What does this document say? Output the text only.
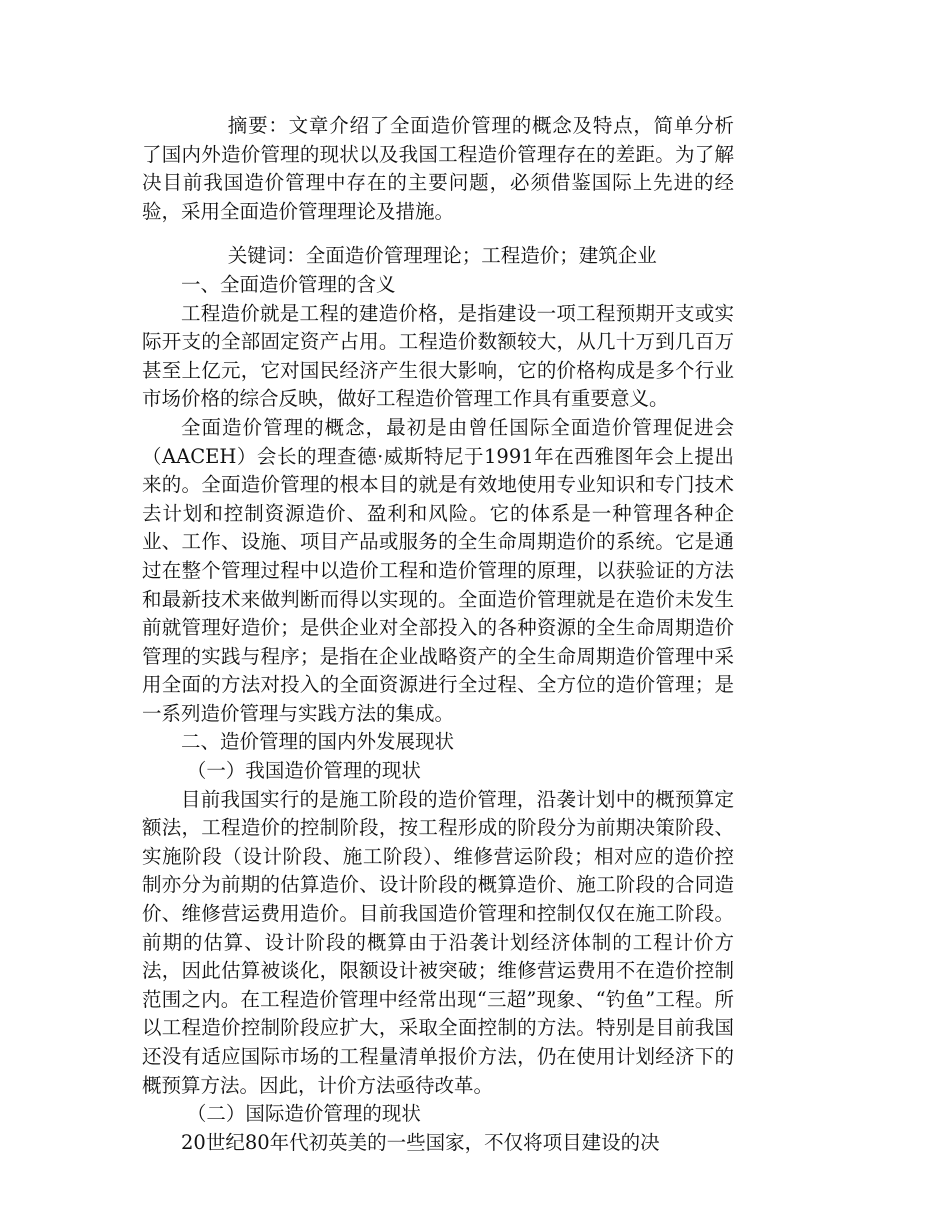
摘要：文章介绍了全面造价管理的概念及特点，简单分析了国内外造价管理的现状以及我国工程造价管理存在的差距。为了解决目前我国造价管理中存在的主要问题，必须借鉴国际上先进的经验，采用全面造价管理理论及措施。

关键词：全面造价管理理论；工程造价；建筑企业

一、全面造价管理的含义

工程造价就是工程的建造价格，是指建设一项工程预期开支或实际开支的全部固定资产占用。工程造价数额较大，从几十万到几百万甚至上亿元，它对国民经济产生很大影响，它的价格构成是多个行业市场价格的综合反映，做好工程造价管理工作具有重要意义。

全面造价管理的概念，最初是由曾任国际全面造价管理促进会（AACEH）会长的理查德·威斯特尼于1991年在西雅图年会上提出来的。全面造价管理的根本目的就是有效地使用专业知识和专门技术去计划和控制资源造价、盈利和风险。它的体系是一种管理各种企业、工作、设施、项目产品或服务的全生命周期造价的系统。它是通过在整个管理过程中以造价工程和造价管理的原理，以获验证的方法和最新技术来做判断而得以实现的。全面造价管理就是在造价未发生前就管理好造价；是供企业对全部投入的各种资源的全生命周期造价管理的实践与程序；是指在企业战略资产的全生命周期造价管理中采用全面的方法对投入的全面资源进行全过程、全方位的造价管理；是一系列造价管理与实践方法的集成。

二、造价管理的国内外发展现状

（一）我国造价管理的现状

目前我国实行的是施工阶段的造价管理，沿袭计划中的概预算定额法，工程造价的控制阶段，按工程形成的阶段分为前期决策阶段、实施阶段（设计阶段、施工阶段）、维修营运阶段；相对应的造价控制亦分为前期的估算造价、设计阶段的概算造价、施工阶段的合同造价、维修营运费用造价。目前我国造价管理和控制仅仅在施工阶段。前期的估算、设计阶段的概算由于沿袭计划经济体制的工程计价方法，因此估算被谈化，限额设计被突破；维修营运费用不在造价控制范围之内。在工程造价管理中经常出现“三超”现象、“钓鱼”工程。所以工程造价控制阶段应扩大，采取全面控制的方法。特别是目前我国还没有适应国际市场的工程量清单报价方法，仍在使用计划经济下的概预算方法。因此，计价方法亟待改革。

（二）国际造价管理的现状

20世纪80年代初英美的一些国家，不仅将项目建设的决
